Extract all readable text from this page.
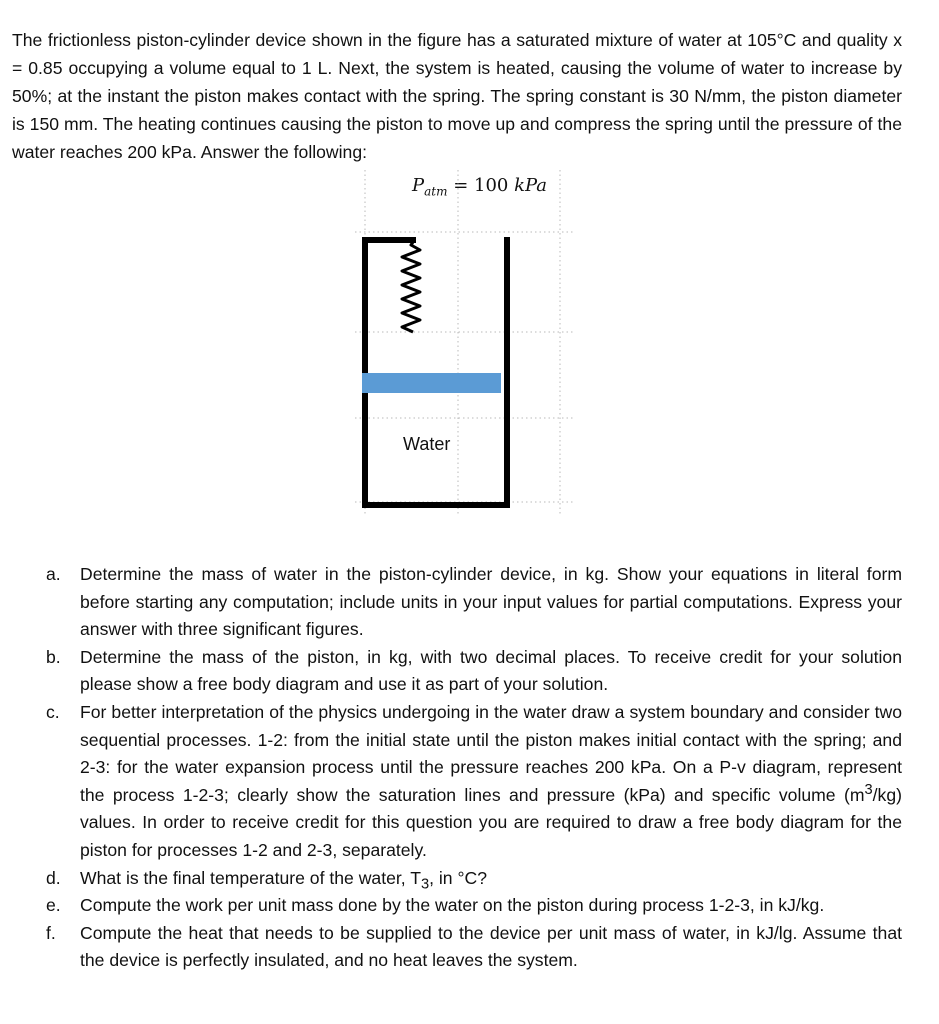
The frictionless piston-cylinder device shown in the figure has a saturated mixture of water at 105°C and quality x = 0.85 occupying a volume equal to 1 L. Next, the system is heated, causing the volume of water to increase by 50%; at the instant the piston makes contact with the spring. The spring constant is 30 N/mm, the piston diameter is 150 mm. The heating continues causing the piston to move up and compress the spring until the pressure of the water reaches 200 kPa. Answer the following:

$P_{atm} = 100$ kPa
Water
a. Determine the mass of water in the piston-cylinder device, in kg. Show your equations in literal form before starting any computation; include units in your input values for partial computations. Express your answer with three significant figures.
b. Determine the mass of the piston, in kg, with two decimal places. To receive credit for your solution please show a free body diagram and use it as part of your solution.
c. For better interpretation of the physics undergoing in the water draw a system boundary and consider two sequential processes. 1-2: from the initial state until the piston makes initial contact with the spring; and 2-3: for the water expansion process until the pressure reaches 200 kPa. On a P-v diagram, represent the process 1-2-3; clearly show the saturation lines and pressure (kPa) and specific volume $(m^3/kg)$ values. In order to receive credit for this question you are required to draw a free body diagram for the piston for processes 1-2 and 2-3, separately.
d. What is the final temperature of the water, $T_3$, in °C?
e. Compute the work per unit mass done by the water on the piston during process 1-2-3, in kJ/kg.
f. Compute the heat that needs to be supplied to the device per unit mass of water, in kJ/lg. Assume that the device is perfectly insulated, and no heat leaves the system.
